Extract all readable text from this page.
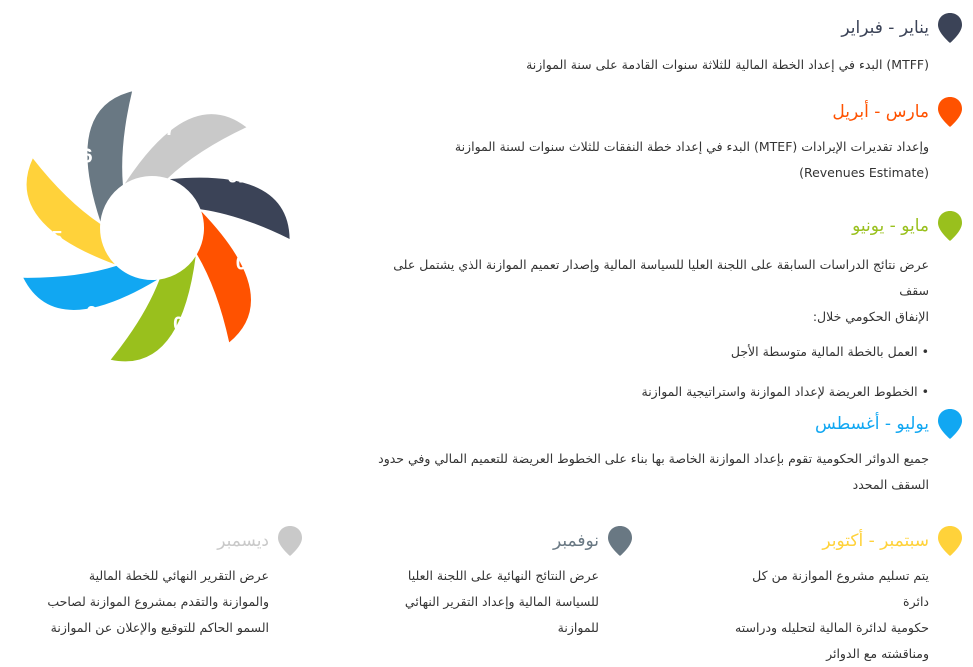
01
02
03
04
05
06
07
يناير - فبراير

(MTFF) البدء في إعداد الخطة المالية للثلاثة سنوات القادمة على سنة الموازنة

مارس - أبريل

وإعداد تقديرات الإيرادات (MTEF) البدء في إعداد خطة النفقات للثلاث سنوات لسنة الموازنة

(Revenues Estimate)

مايو - يونيو

عرض نتائج الدراسات السابقة على اللجنة العليا للسياسة المالية وإصدار تعميم الموازنة الذي يشتمل على سقف

الإنفاق الحكومي خلال:

• العمل بالخطة المالية متوسطة الأجل

• الخطوط العريضة لإعداد الموازنة واستراتيجية الموازنة

يوليو - أغسطس

جميع الدوائر الحكومية تقوم بإعداد الموازنة الخاصة بها بناء على الخطوط العريضة للتعميم المالي وفي حدود

السقف المحدد

سبتمبر - أكتوبر

يتم تسليم مشروع الموازنة من كل دائرة

حكومية لدائرة المالية لتحليله ودراسته

ومناقشته مع الدوائر

نوفمبر

عرض النتائج النهائية على اللجنة العليا

للسياسة المالية وإعداد التقرير النهائي

للموازنة

ديسمبر

عرض التقرير النهائي للخطة المالية

والموازنة والتقدم بمشروع الموازنة لصاحب

السمو الحاكم للتوقيع والإعلان عن الموازنة
